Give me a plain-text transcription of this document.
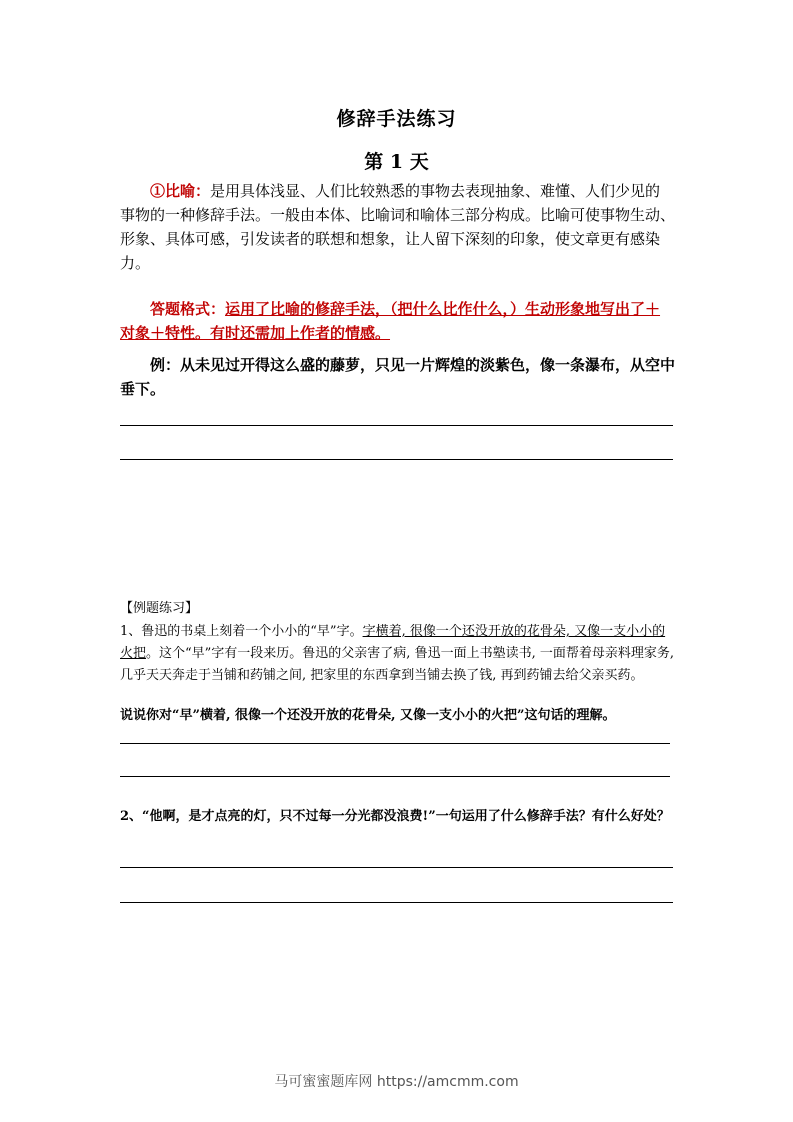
修辞手法练习
第 1 天
①比喻：是用具体浅显、人们比较熟悉的事物去表现抽象、难懂、人们少见的事物的一种修辞手法。一般由本体、比喻词和喻体三部分构成。比喻可使事物生动、形象、具体可感，引发读者的联想和想象，让人留下深刻的印象，使文章更有感染力。
答题格式：运用了比喻的修辞手法，（把什么比作什么，）生动形象地写出了＋对象＋特性。有时还需加上作者的情感。
例：从未见过开得这么盛的藤萝，只见一片辉煌的淡紫色，像一条瀑布，从空中垂下。
【例题练习】
1、鲁迅的书桌上刻着一个小小的“早”字。字横着, 很像一个还没开放的花骨朵, 又像一支小小的火把。这个“早”字有一段来历。鲁迅的父亲害了病, 鲁迅一面上书塾读书, 一面帮着母亲料理家务, 几乎天天奔走于当铺和药铺之间, 把家里的东西拿到当铺去换了钱, 再到药铺去给父亲买药。
说说你对“早”横着, 很像一个还没开放的花骨朵, 又像一支小小的火把”这句话的理解。
2、“他啊，是才点亮的灯，只不过每一分光都没浪费!”一句运用了什么修辞手法？有什么好处？
马可蜜蜜题库网 https://amcmm.com
